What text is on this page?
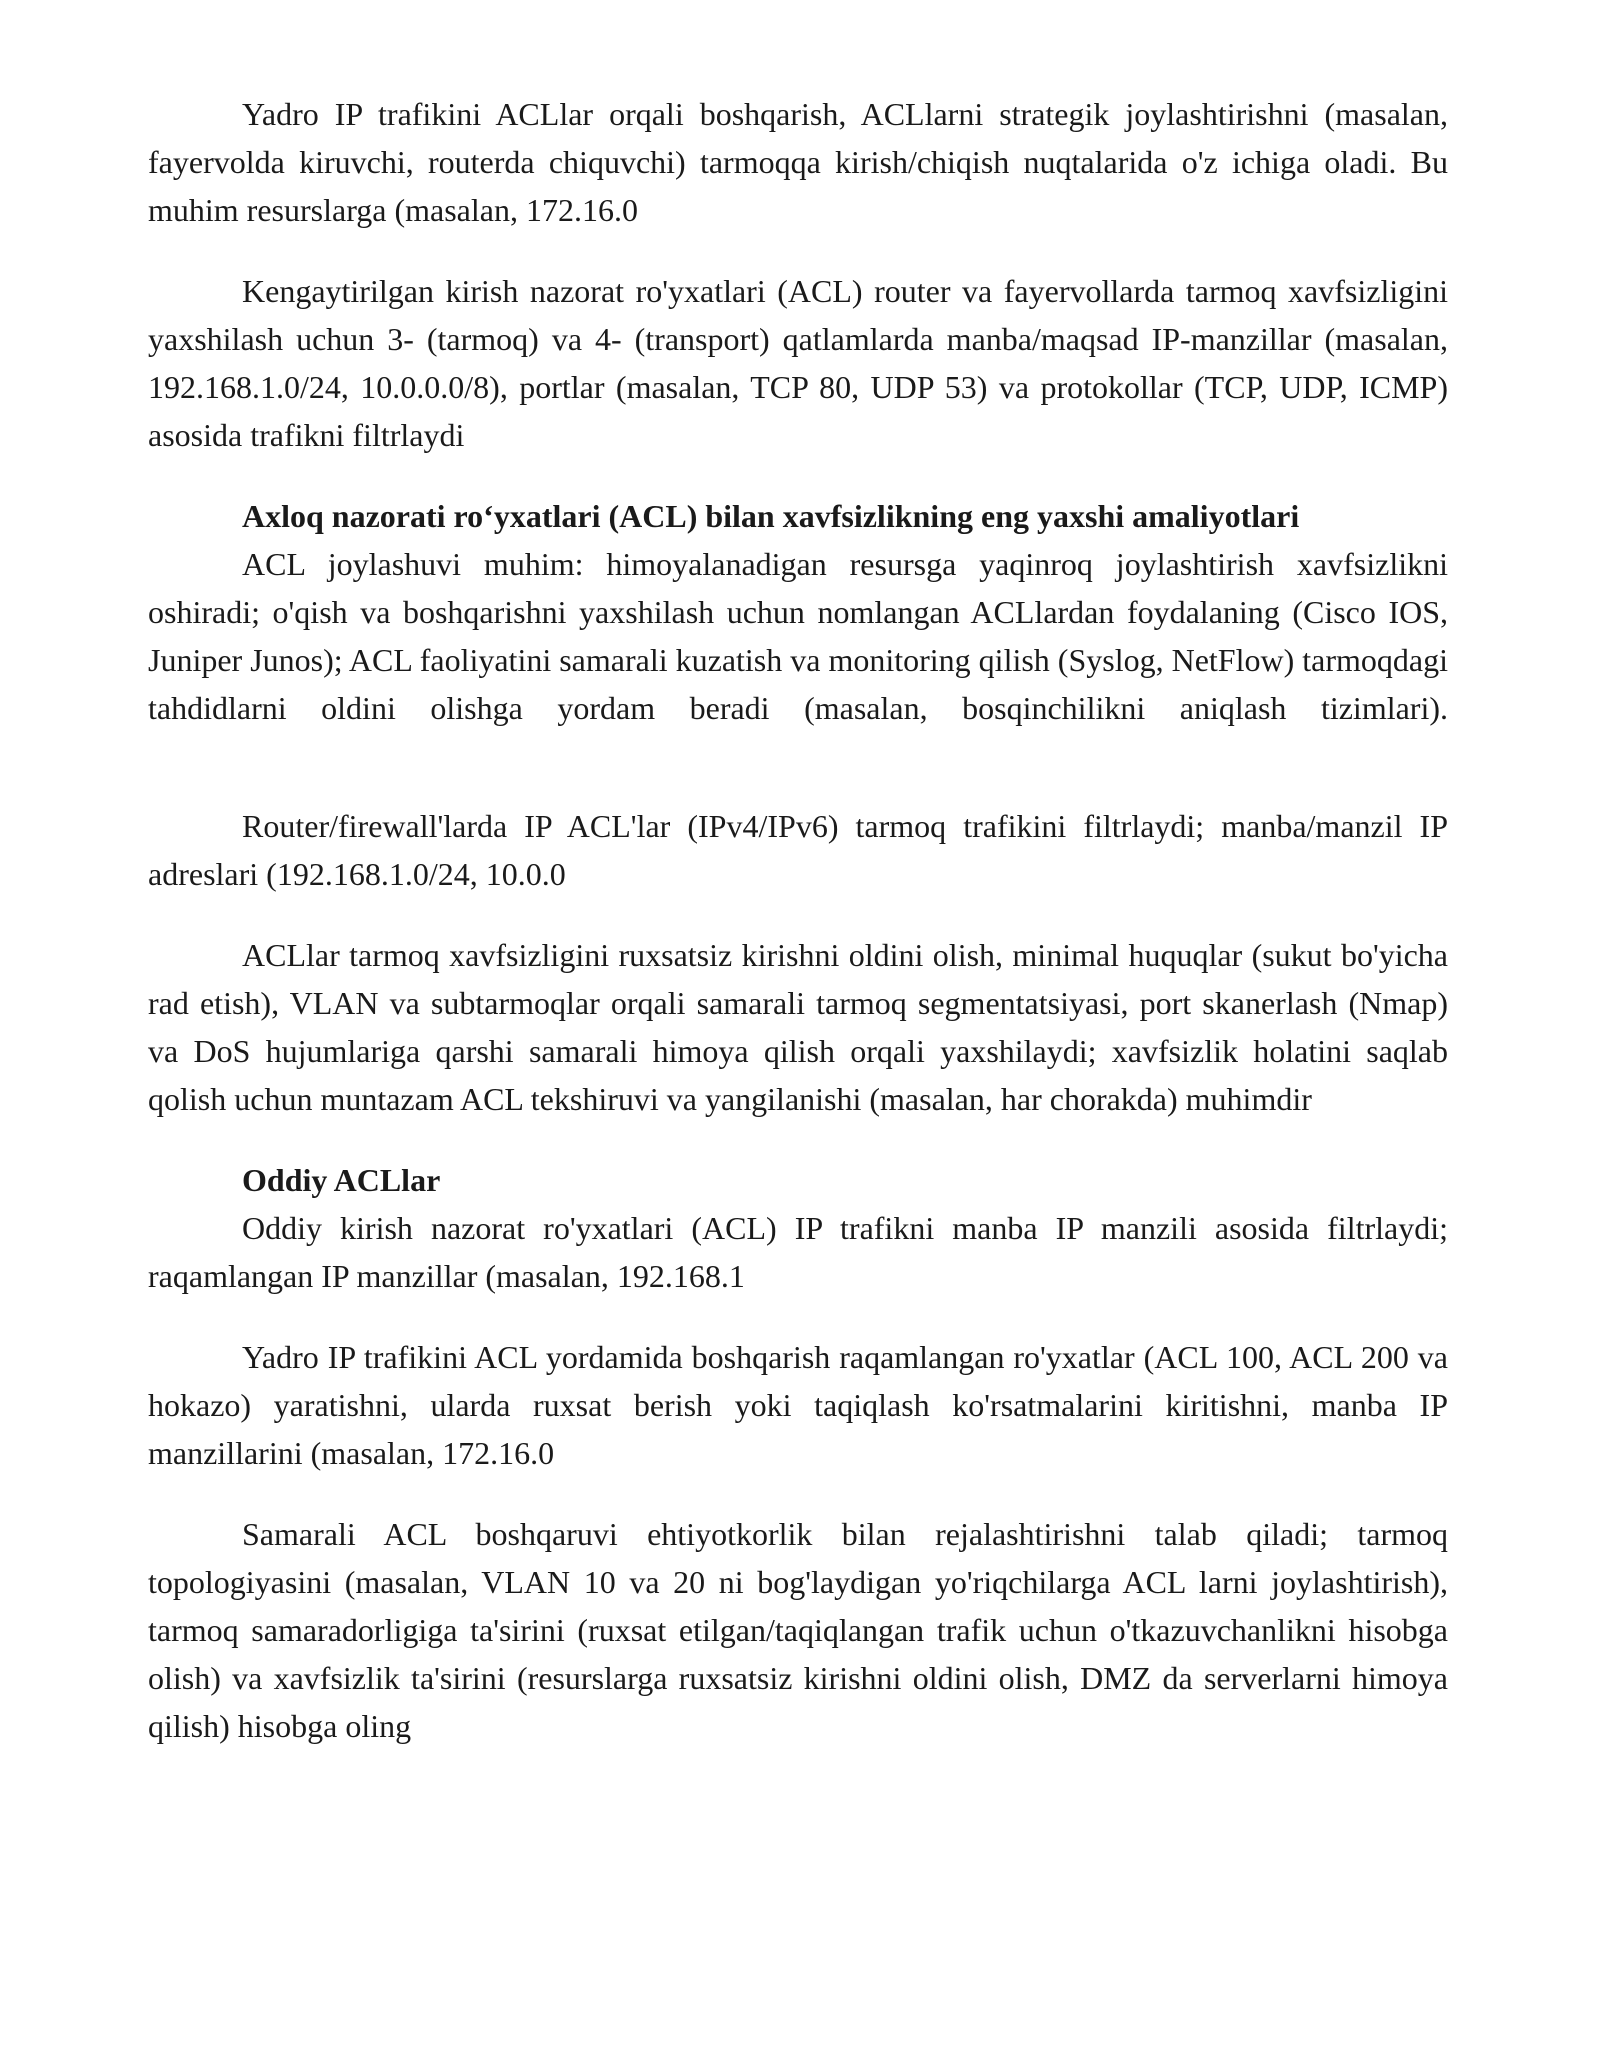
Yadro IP trafikini ACLlar orqali boshqarish, ACLlarni strategik joylashtirishni (masalan, fayervolda kiruvchi, routerda chiquvchi) tarmoqqa kirish/chiqish nuqtalarida o'z ichiga oladi. Bu muhim resurslarga (masalan, 172.16.0

Kengaytirilgan kirish nazorat ro'yxatlari (ACL) router va fayervollarda tarmoq xavfsizligini yaxshilash uchun 3- (tarmoq) va 4- (transport) qatlamlarda manba/maqsad IP-manzillar (masalan, 192.168.1.0/24, 10.0.0.0/8), portlar (masalan, TCP 80, UDP 53) va protokollar (TCP, UDP, ICMP) asosida trafikni filtrlaydi

Axloq nazorati ro‘yxatlari (ACL) bilan xavfsizlikning eng yaxshi amaliyotlari

ACL joylashuvi muhim: himoyalanadigan resursga yaqinroq joylashtirish xavfsizlikni oshiradi; o'qish va boshqarishni yaxshilash uchun nomlangan ACLlardan foydalaning (Cisco IOS, Juniper Junos); ACL faoliyatini samarali kuzatish va monitoring qilish (Syslog, NetFlow) tarmoqdagi tahdidlarni oldini olishga yordam beradi (masalan, bosqinchilikni aniqlash tizimlari).

Router/firewall'larda IP ACL'lar (IPv4/IPv6) tarmoq trafikini filtrlaydi; manba/manzil IP adreslari (192.168.1.0/24, 10.0.0

ACLlar tarmoq xavfsizligini ruxsatsiz kirishni oldini olish, minimal huquqlar (sukut bo'yicha rad etish), VLAN va subtarmoqlar orqali samarali tarmoq segmentatsiyasi, port skanerlash (Nmap) va DoS hujumlariga qarshi samarali himoya qilish orqali yaxshilaydi; xavfsizlik holatini saqlab qolish uchun muntazam ACL tekshiruvi va yangilanishi (masalan, har chorakda) muhimdir

Oddiy ACLlar

Oddiy kirish nazorat ro'yxatlari (ACL) IP trafikni manba IP manzili asosida filtrlaydi; raqamlangan IP manzillar (masalan, 192.168.1

Yadro IP trafikini ACL yordamida boshqarish raqamlangan ro'yxatlar (ACL 100, ACL 200 va hokazo) yaratishni, ularda ruxsat berish yoki taqiqlash ko'rsatmalarini kiritishni, manba IP manzillarini (masalan, 172.16.0

Samarali ACL boshqaruvi ehtiyotkorlik bilan rejalashtirishni talab qiladi; tarmoq topologiyasini (masalan, VLAN 10 va 20 ni bog'laydigan yo'riqchilarga ACL larni joylashtirish), tarmoq samaradorligiga ta'sirini (ruxsat etilgan/taqiqlangan trafik uchun o'tkazuvchanlikni hisobga olish) va xavfsizlik ta'sirini (resurslarga ruxsatsiz kirishni oldini olish, DMZ da serverlarni himoya qilish) hisobga oling
